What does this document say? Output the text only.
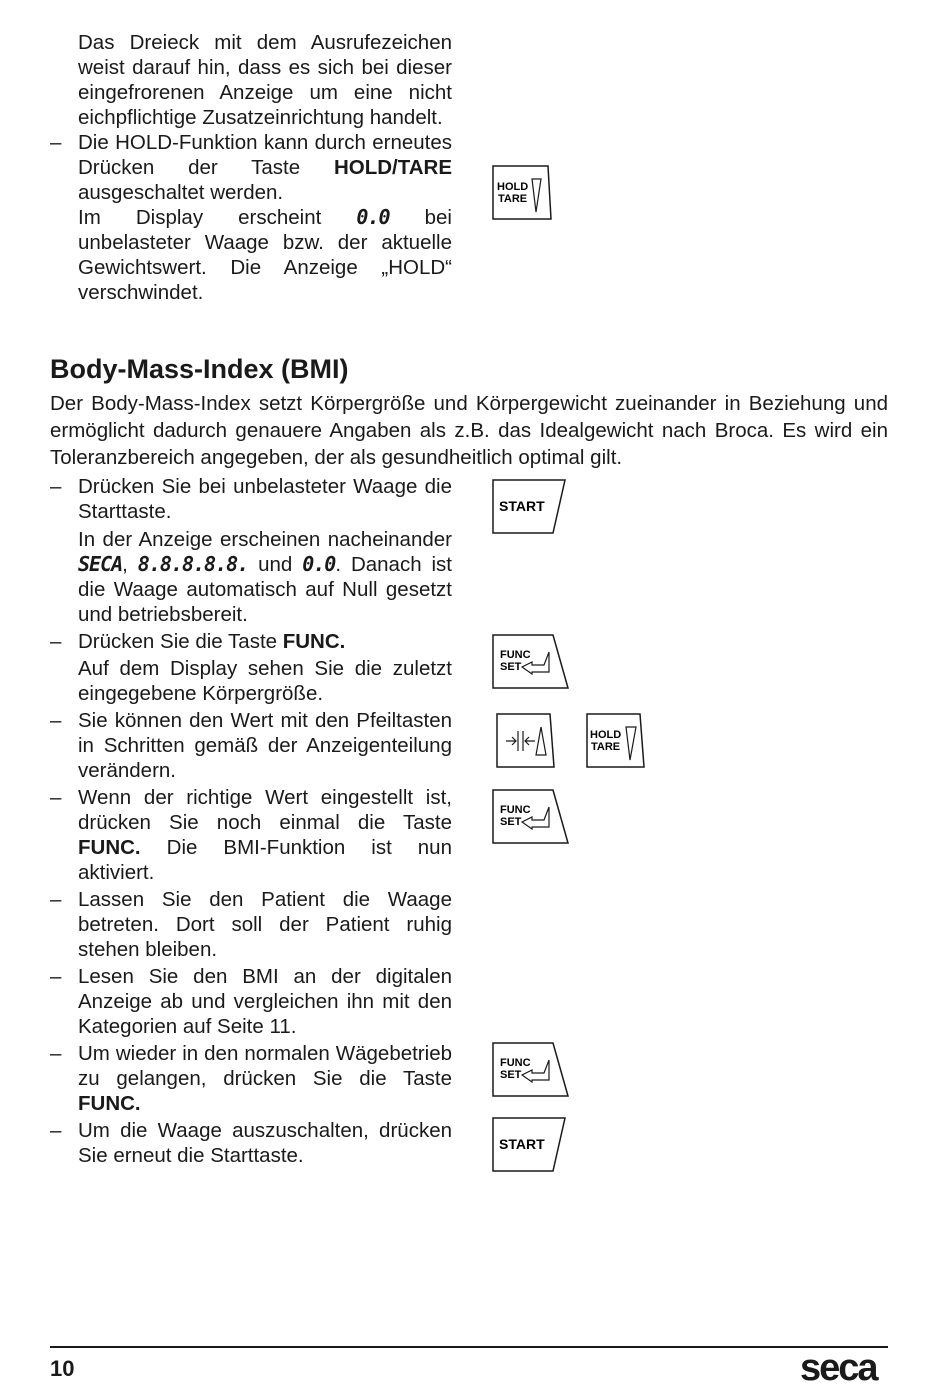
Das Dreieck mit dem Ausrufezeichen weist darauf hin, dass es sich bei dieser eingefrorenen Anzeige um eine nicht eichpflichtige Zusatzeinrichtung handelt.
– Die HOLD-Funktion kann durch erneutes Drücken der Taste HOLD/TARE ausgeschaltet werden.
Im Display erscheint 0.0 bei unbelasteter Waage bzw. der aktuelle Gewichtswert. Die Anzeige „HOLD“ verschwindet.
HOLD
TARE
Body-Mass-Index (BMI)
Der Body-Mass-Index setzt Körpergröße und Körpergewicht zueinander in Beziehung und ermöglicht dadurch genauere Angaben als z.B. das Idealgewicht nach Broca. Es wird ein Toleranzbereich angegeben, der als gesundheitlich optimal gilt.
– Drücken Sie bei unbelasteter Waage die Starttaste.
In der Anzeige erscheinen nacheinander SECA, 8.8.8.8.8. und 0.0. Danach ist die Waage automatisch auf Null gesetzt und betriebsbereit.
– Drücken Sie die Taste FUNC.
Auf dem Display sehen Sie die zuletzt eingegebene Körpergröße.
– Sie können den Wert mit den Pfeiltasten in Schritten gemäß der Anzeigenteilung verändern.
– Wenn der richtige Wert eingestellt ist, drücken Sie noch einmal die Taste FUNC. Die BMI-Funktion ist nun aktiviert.
– Lassen Sie den Patient die Waage betreten. Dort soll der Patient ruhig stehen bleiben.
– Lesen Sie den BMI an der digitalen Anzeige ab und vergleichen ihn mit den Kategorien auf Seite 11.
– Um wieder in den normalen Wägebetrieb zu gelangen, drücken Sie die Taste FUNC.
– Um die Waage auszuschalten, drücken Sie erneut die Starttaste.
START
FUNC
SET
HOLD
TARE
FUNC
SET
FUNC
SET
START
10	seca
